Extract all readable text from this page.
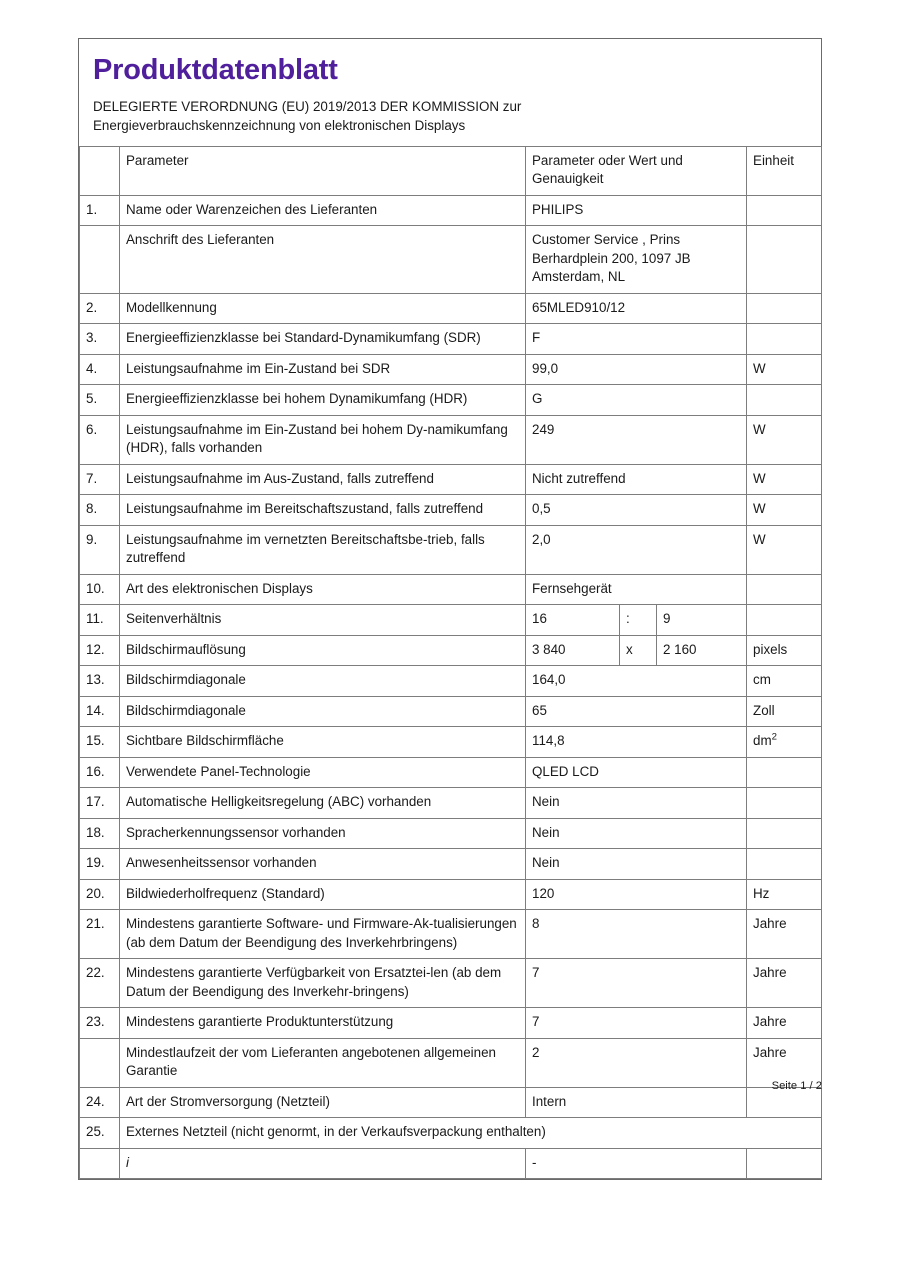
Produktdatenblatt

DELEGIERTE VERORDNUNG (EU) 2019/2013 DER KOMMISSION zur Energieverbrauchskennzeichnung von elektronischen Displays

	Parameter	Parameter oder Wert und Genauigkeit			Einheit
1.	Name oder Warenzeichen des Lieferanten	PHILIPS			
	Anschrift des Lieferanten	Customer Service , Prins Berhardplein 200, 1097 JB Amsterdam, NL			
2.	Modellkennung	65MLED910/12			
3.	Energieeffizienzklasse bei Standard-Dynamikumfang (SDR)	F			
4.	Leistungsaufnahme im Ein-Zustand bei SDR	99,0			W
5.	Energieeffizienzklasse bei hohem Dynamikumfang (HDR)	G			
6.	Leistungsaufnahme im Ein-Zustand bei hohem Dy-namikumfang (HDR), falls vorhanden	249			W
7.	Leistungsaufnahme im Aus-Zustand, falls zutreffend	Nicht zutreffend			W
8.	Leistungsaufnahme im Bereitschaftszustand, falls zutreffend	0,5			W
9.	Leistungsaufnahme im vernetzten Bereitschaftsbe-trieb, falls zutreffend	2,0			W
10.	Art des elektronischen Displays	Fernsehgerät			
11.	Seitenverhältnis	16	:	9	
12.	Bildschirmauflösung	3 840	x	2 160	pixels
13.	Bildschirmdiagonale	164,0			cm
14.	Bildschirmdiagonale	65			Zoll
15.	Sichtbare Bildschirmfläche	114,8			$dm^2$
16.	Verwendete Panel-Technologie	QLED LCD			
17.	Automatische Helligkeitsregelung (ABC) vorhanden	Nein			
18.	Spracherkennungssensor vorhanden	Nein			
19.	Anwesenheitssensor vorhanden	Nein			
20.	Bildwiederholfrequenz (Standard)	120			Hz
21.	Mindestens garantierte Software- und Firmware-Ak-tualisierungen (ab dem Datum der Beendigung des Inverkehrbringens)	8			Jahre
22.	Mindestens garantierte Verfügbarkeit von Ersatztei-len (ab dem Datum der Beendigung des Inverkehr-bringens)	7			Jahre
23.	Mindestens garantierte Produktunterstützung	7			Jahre
	Mindestlaufzeit der vom Lieferanten angebotenen allgemeinen Garantie	2			Jahre
24.	Art der Stromversorgung (Netzteil)	Intern			
25.	Externes Netzteil (nicht genormt, in der Verkaufsverpackung enthalten)				
	i	-			
Seite 1 / 2
